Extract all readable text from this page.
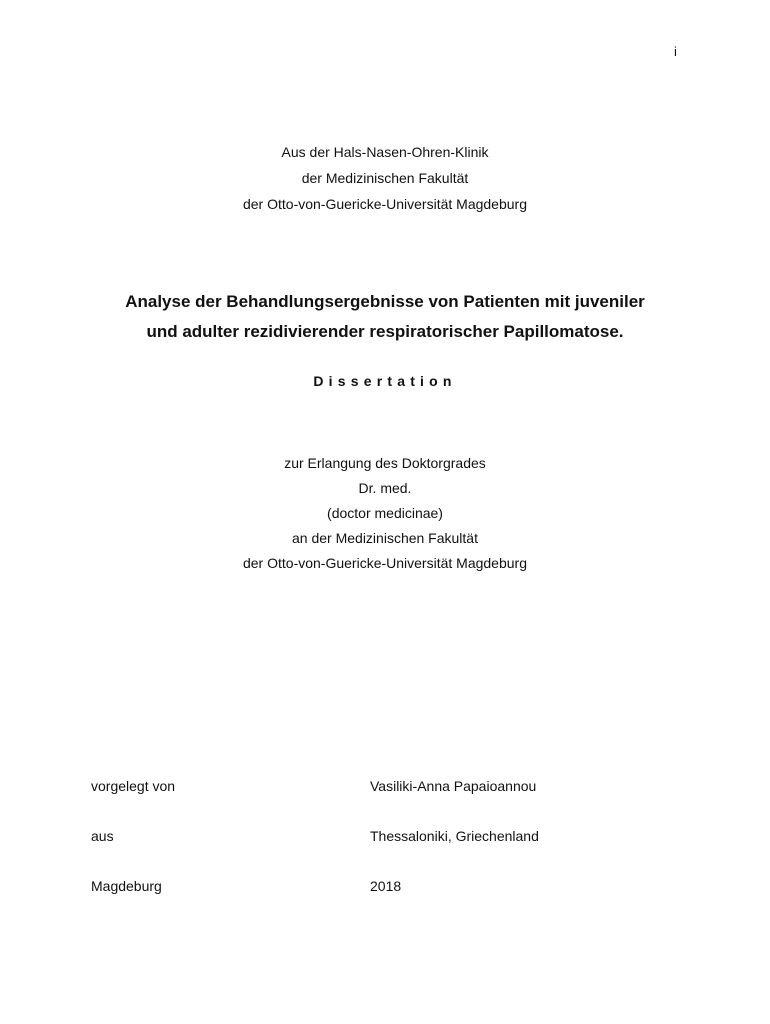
i
Aus der Hals-Nasen-Ohren-Klinik
der Medizinischen Fakultät
der Otto-von-Guericke-Universität Magdeburg
Analyse der Behandlungsergebnisse von Patienten mit juveniler
und adulter rezidivierender respiratorischer Papillomatose.
Dissertation
zur Erlangung des Doktorgrades
Dr. med.
(doctor medicinae)
an der Medizinischen Fakultät
der Otto-von-Guericke-Universität Magdeburg
vorgelegt von	Vasiliki-Anna Papaioannou
aus	Thessaloniki, Griechenland
Magdeburg	2018
